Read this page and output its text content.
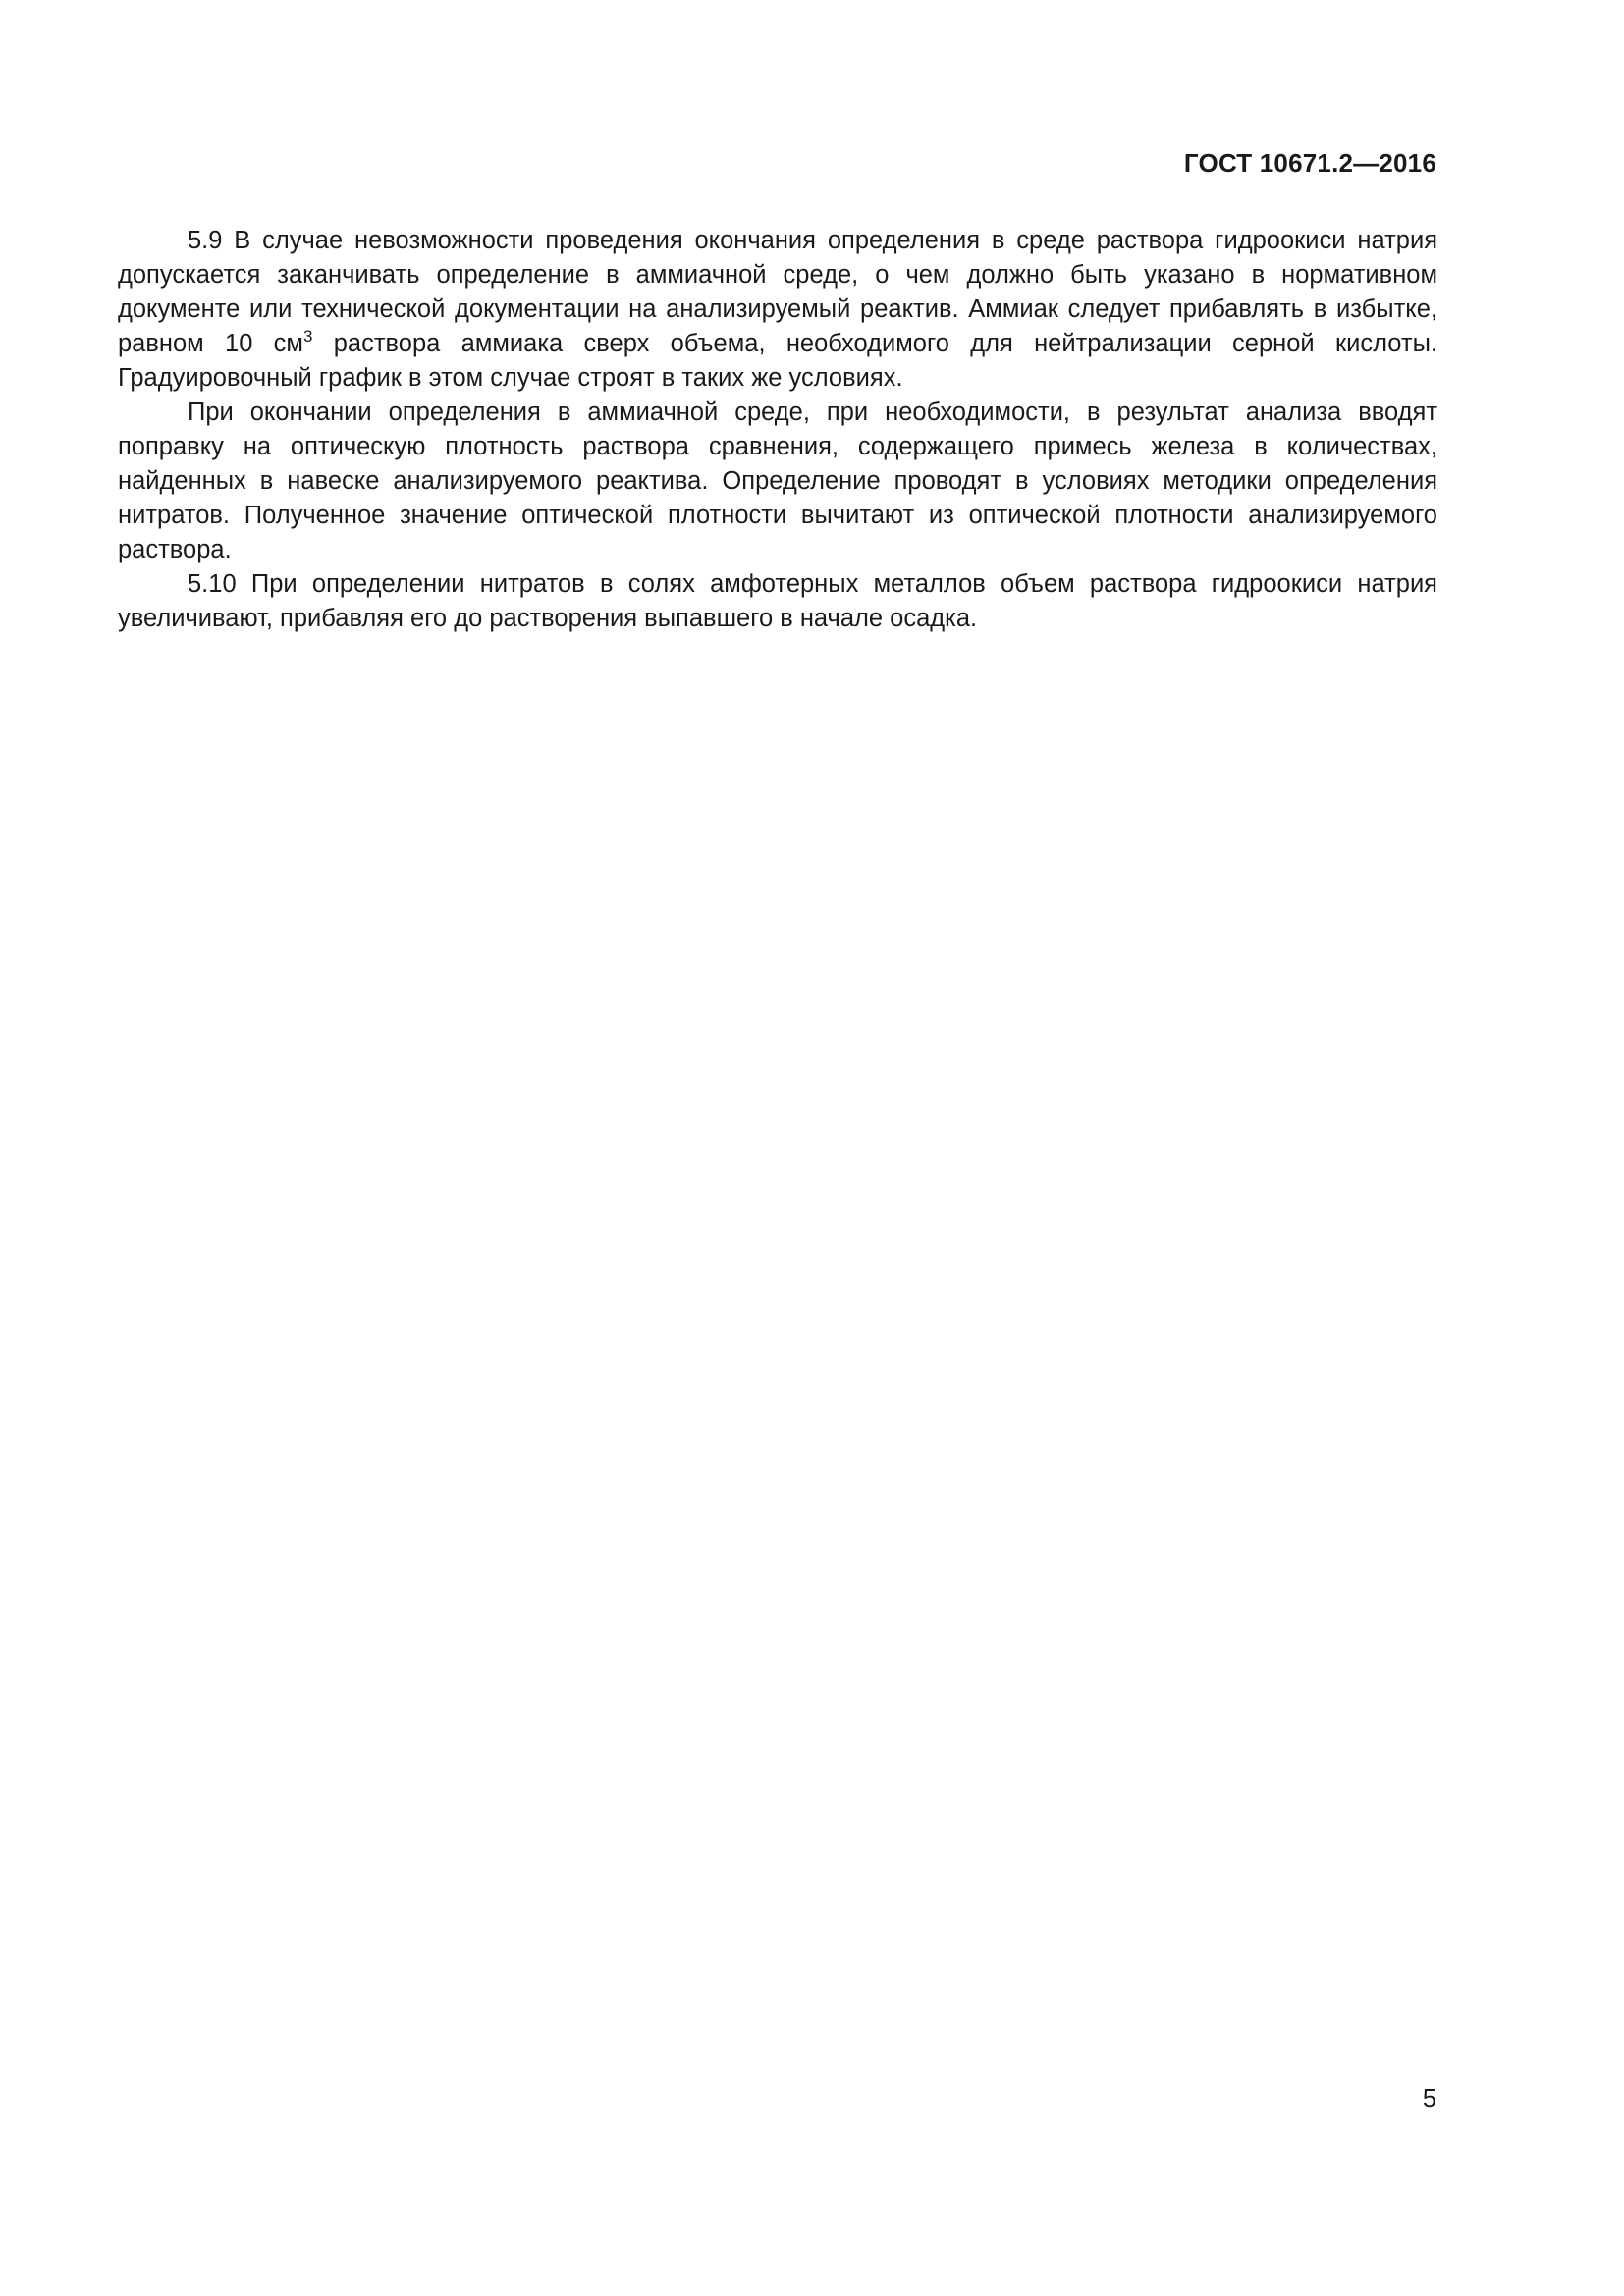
ГОСТ 10671.2—2016

5.9 В случае невозможности проведения окончания определения в среде раствора гидроокиси натрия допускается заканчивать определение в аммиачной среде, о чем должно быть указано в нормативном документе или технической документации на анализируемый реактив. Аммиак следует прибавлять в избытке, равном 10 $см^3$ раствора аммиака сверх объема, необходимого для нейтрализации серной кислоты. Градуировочный график в этом случае строят в таких же условиях.

При окончании определения в аммиачной среде, при необходимости, в результат анализа вводят поправку на оптическую плотность раствора сравнения, содержащего примесь железа в количествах, найденных в навеске анализируемого реактива. Определение проводят в условиях методики определения нитратов. Полученное значение оптической плотности вычитают из оптической плотности анализируемого раствора.

5.10 При определении нитратов в солях амфотерных металлов объем раствора гидроокиси натрия увеличивают, прибавляя его до растворения выпавшего в начале осадка.

5
